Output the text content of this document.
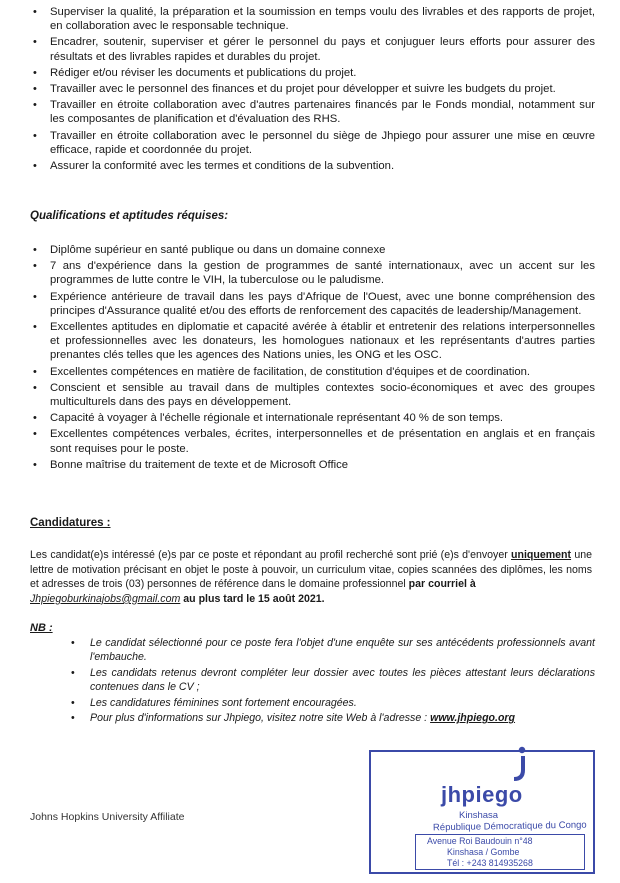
• Superviser la qualité, la préparation et la soumission en temps voulu des livrables et des rapports de projet, en collaboration avec le responsable technique.
• Encadrer, soutenir, superviser et gérer le personnel du pays et conjuguer leurs efforts pour assurer des résultats et des livrables rapides et durables du projet.
• Rédiger et/ou réviser les documents et publications du projet.
• Travailler avec le personnel des finances et du projet pour développer et suivre les budgets du projet.
• Travailler en étroite collaboration avec d'autres partenaires financés par le Fonds mondial, notamment sur les composantes de planification et d'évaluation des RHS.
• Travailler en étroite collaboration avec le personnel du siège de Jhpiego pour assurer une mise en œuvre efficace, rapide et coordonnée du projet.
• Assurer la conformité avec les termes et conditions de la subvention.
Qualifications et aptitudes réquises:
• Diplôme supérieur en santé publique ou dans un domaine connexe
• 7 ans d'expérience dans la gestion de programmes de santé internationaux, avec un accent sur les programmes de lutte contre le VIH, la tuberculose ou le paludisme.
• Expérience antérieure de travail dans les pays d'Afrique de l'Ouest, avec une bonne compréhension des principes d'Assurance qualité et/ou des efforts de renforcement des capacités de leadership/Management.
• Excellentes aptitudes en diplomatie et capacité avérée à établir et entretenir des relations interpersonnelles et professionnelles avec les donateurs, les homologues nationaux et les représentants d'autres parties prenantes clés telles que les agences des Nations unies, les ONG et les OSC.
• Excellentes compétences en matière de facilitation, de constitution d'équipes et de coordination.
• Conscient et sensible au travail dans de multiples contextes socio-économiques et avec des groupes multiculturels dans des pays en développement.
• Capacité à voyager à l'échelle régionale et internationale représentant 40 % de son temps.
• Excellentes compétences verbales, écrites, interpersonnelles et de présentation en anglais et en français sont requises pour le poste.
• Bonne maîtrise du traitement de texte et de Microsoft Office
Candidatures :
Les candidat(e)s intéressé (e)s par ce poste et répondant au profil recherché sont prié (e)s d'envoyer uniquement une lettre de motivation précisant en objet le poste à pouvoir, un curriculum vitae, copies scannées des diplômes, les noms et adresses de trois (03) personnes de référence dans le domaine professionnel par courriel à
Jhpiegoburkinajobs@gmail.com au plus tard le 15 août 2021.
NB :
• Le candidat sélectionné pour ce poste fera l'objet d'une enquête sur ses antécédents professionnels avant l'embauche.
• Les candidats retenus devront compléter leur dossier avec toutes les pièces attestant leurs déclarations contenues dans le CV ;
• Les candidatures féminines sont fortement encouragées.
• Pour plus d'informations sur Jhpiego, visitez notre site Web à l'adresse : www.jhpiego.org
Johns Hopkins University Affiliate
jhpiego
Kinshasa
République Démocratique du Congo
Avenue Roi Baudouin n°48
Kinshasa / Gombe
Tél : +243 814935268
